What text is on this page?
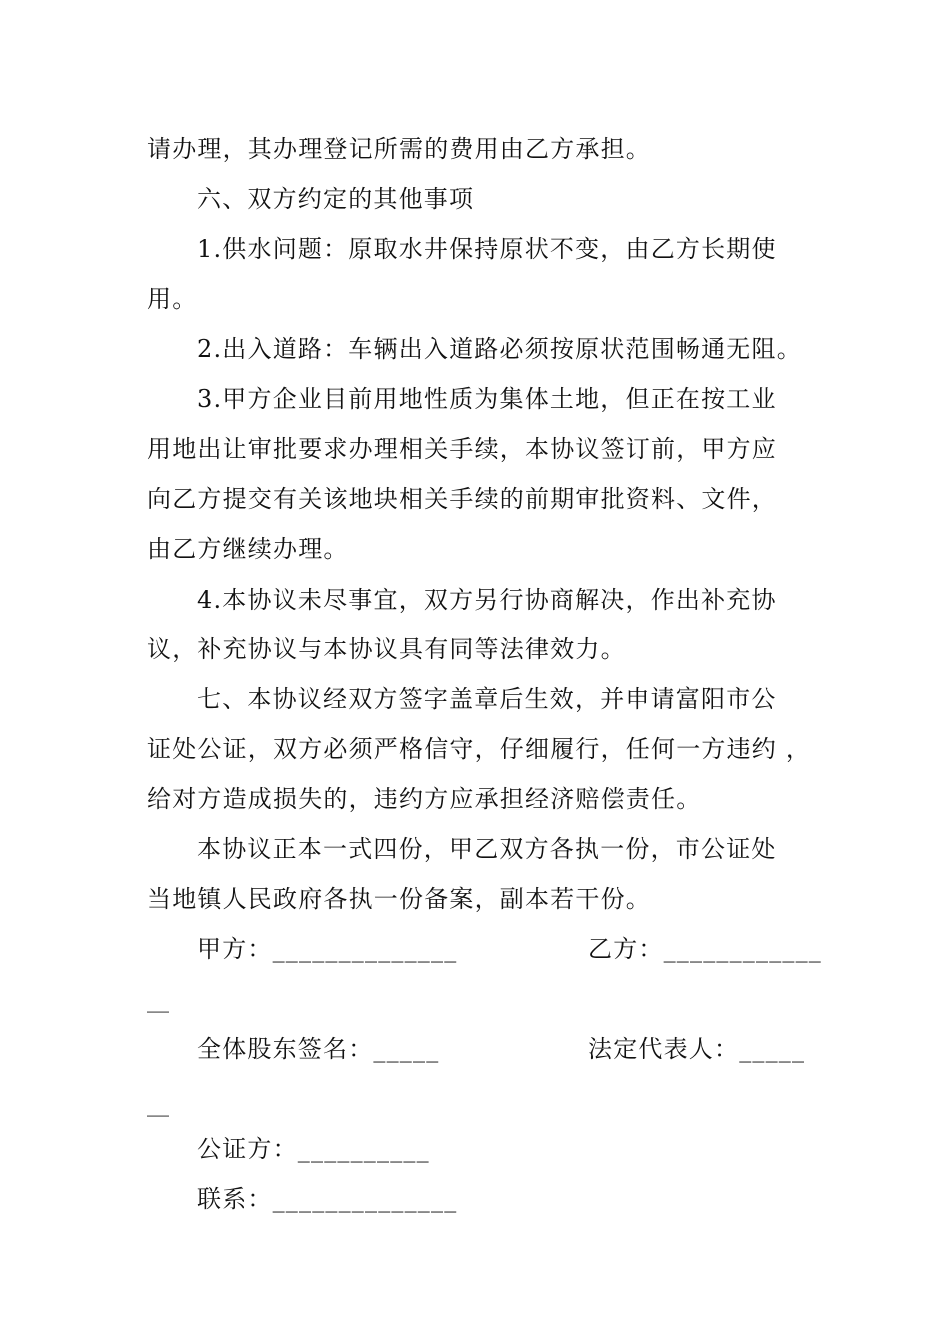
请办理，其办理登记所需的费用由乙方承担。
六、双方约定的其他事项
1.供水问题：原取水井保持原状不变，由乙方长期使
用。
2.出入道路：车辆出入道路必须按原状范围畅通无阻。
3.甲方企业目前用地性质为集体土地，但正在按工业
用地出让审批要求办理相关手续，本协议签订前，甲方应
向乙方提交有关该地块相关手续的前期审批资料、文件，
由乙方继续办理。
4.本协议未尽事宜，双方另行协商解决，作出补充协
议，补充协议与本协议具有同等法律效力。
七、本协议经双方签字盖章后生效，并申请富阳市公
证处公证，双方必须严格信守，仔细履行，任何一方违约 ，
给对方造成损失的，违约方应承担经济赔偿责任。
本协议正本一式四份，甲乙双方各执一份，市公证处
当地镇人民政府各执一份备案，副本若干份。
甲方：______________	乙方：____________
__
全体股东签名：_____	法定代表人：_____
__
公证方：__________
联系：______________
